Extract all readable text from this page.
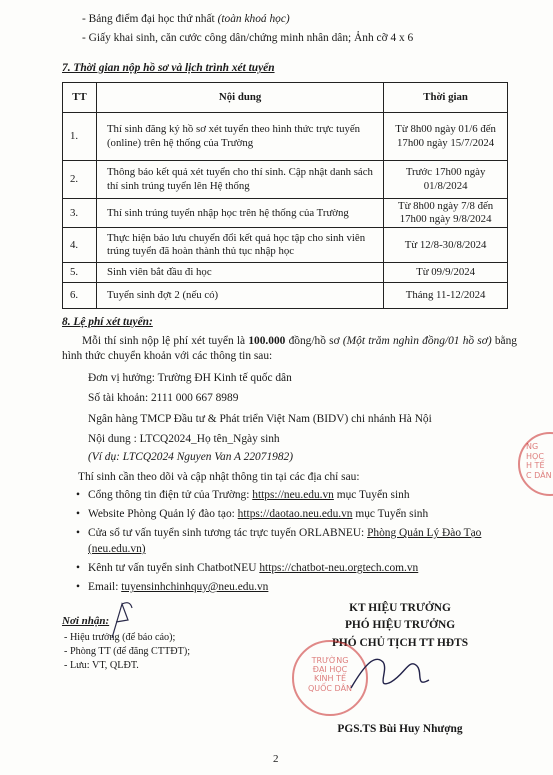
- Bảng điểm đại học thứ nhất (toàn khoá học)
- Giấy khai sinh, căn cước công dân/chứng minh nhân dân; Ảnh cỡ 4 x 6
7. Thời gian nộp hồ sơ và lịch trình xét tuyển
TT	Nội dung	Thời gian
1.	Thí sinh đăng ký hồ sơ xét tuyển theo hình thức trực tuyến (online) trên hệ thống của Trường	Từ 8h00 ngày 01/6 đến 17h00 ngày 15/7/2024
2.	Thông báo kết quả xét tuyển cho thí sinh. Cập nhật danh sách thí sinh trúng tuyển lên Hệ thống	Trước 17h00 ngày 01/8/2024
3.	Thí sinh trúng tuyển nhập học trên hệ thống của Trường	Từ 8h00 ngày 7/8 đến 17h00 ngày 9/8/2024
4.	Thực hiện bảo lưu chuyển đổi kết quả học tập cho sinh viên trúng tuyển đã hoàn thành thủ tục nhập học	Từ 12/8-30/8/2024
5.	Sinh viên bắt đầu đi học	Từ 09/9/2024
6.	Tuyển sinh đợt 2 (nếu có)	Tháng 11-12/2024
8. Lệ phí xét tuyển:
Mỗi thí sinh nộp lệ phí xét tuyển là 100.000 đồng/hồ sơ (Một trăm nghìn đồng/01 hồ sơ) bằng hình thức chuyển khoản với các thông tin sau:
Đơn vị hưởng: Trường ĐH Kinh tế quốc dân
Số tài khoản: 2111 000 667 8989
Ngân hàng TMCP Đầu tư & Phát triển Việt Nam (BIDV) chi nhánh Hà Nội
Nội dung : LTCQ2024_Họ tên_Ngày sinh
(Ví dụ: LTCQ2024 Nguyen Van A 22071982)
Thí sinh cần theo dõi và cập nhật thông tin tại các địa chỉ sau:
• Cổng thông tin điện tử của Trường: https://neu.edu.vn mục Tuyển sinh
• Website Phòng Quản lý đào tạo: https://daotao.neu.edu.vn mục Tuyển sinh
• Cửa sổ tư vấn tuyển sinh tương tác trực tuyến ORLABNEU: Phòng Quản Lý Đào Tạo
(neu.edu.vn)
• Kênh tư vấn tuyển sinh ChatbotNEU https://chatbot-neu.orgtech.com.vn
• Email: tuyensinhchinhquy@neu.edu.vn
Nơi nhận:
- Hiệu trưởng (để báo cáo);
- Phòng TT (để đăng CTTĐT);
- Lưu: VT, QLĐT.
KT HIỆU TRƯỞNG
PHÓ HIỆU TRƯỞNG
PHÓ CHỦ TỊCH TT HĐTS
TRƯỜNG
ĐẠI HỌC
KINH TẾ
QUỐC DÂN
PGS.TS Bùi Huy Nhượng
NG
HỌC
H TẾ
C DÂN
2
